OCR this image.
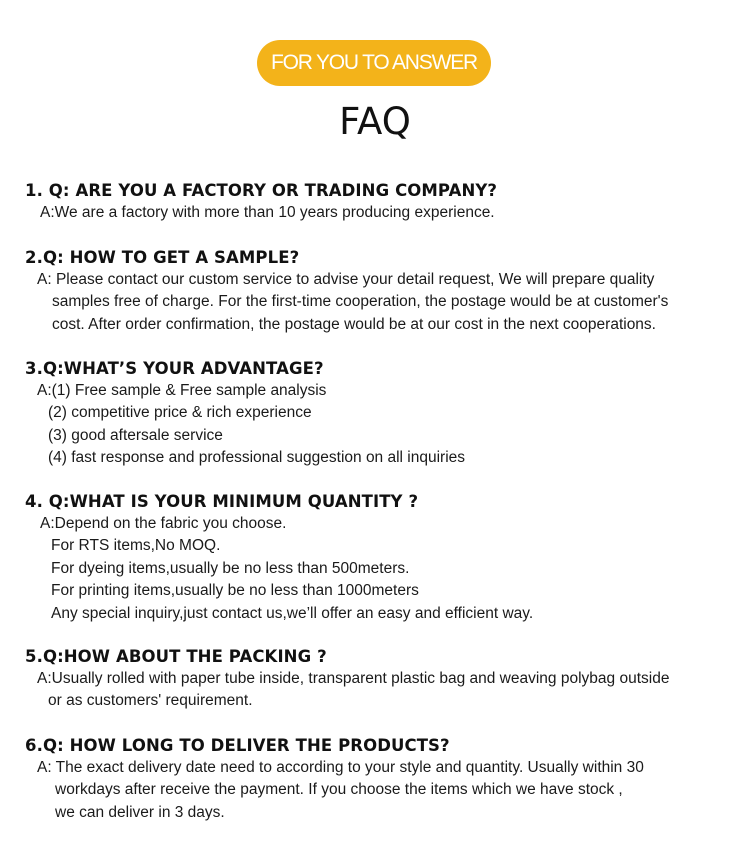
FOR YOU TO ANSWER
FAQ
1. Q: ARE YOU A FACTORY OR TRADING COMPANY?
A:We are a factory with more than 10 years producing experience.
2.Q: HOW TO GET A SAMPLE?
A: Please contact our custom service to advise your detail request, We will prepare quality
samples free of charge. For the first-time cooperation, the postage would be at customer's
cost. After order confirmation, the postage would be at our cost in the next cooperations.
3.Q:WHAT’S YOUR ADVANTAGE?
A:(1) Free sample & Free sample analysis
(2) competitive price & rich experience
(3) good aftersale service
(4) fast response and professional suggestion on all inquiries
4. Q:WHAT IS YOUR MINIMUM QUANTITY ?
A:Depend on the fabric you choose.
For RTS items,No MOQ.
For dyeing items,usually be no less than 500meters.
For printing items,usually be no less than 1000meters
Any special inquiry,just contact us,we’ll offer an easy and efficient way.
5.Q:HOW ABOUT THE PACKING ?
A:Usually rolled with paper tube inside, transparent plastic bag and weaving polybag outside
or as customers' requirement.
6.Q: HOW LONG TO DELIVER THE PRODUCTS?
A: The exact delivery date need to according to your style and quantity. Usually within 30
workdays after receive the payment. If you choose the items which we have stock ,
we can deliver in 3 days.
